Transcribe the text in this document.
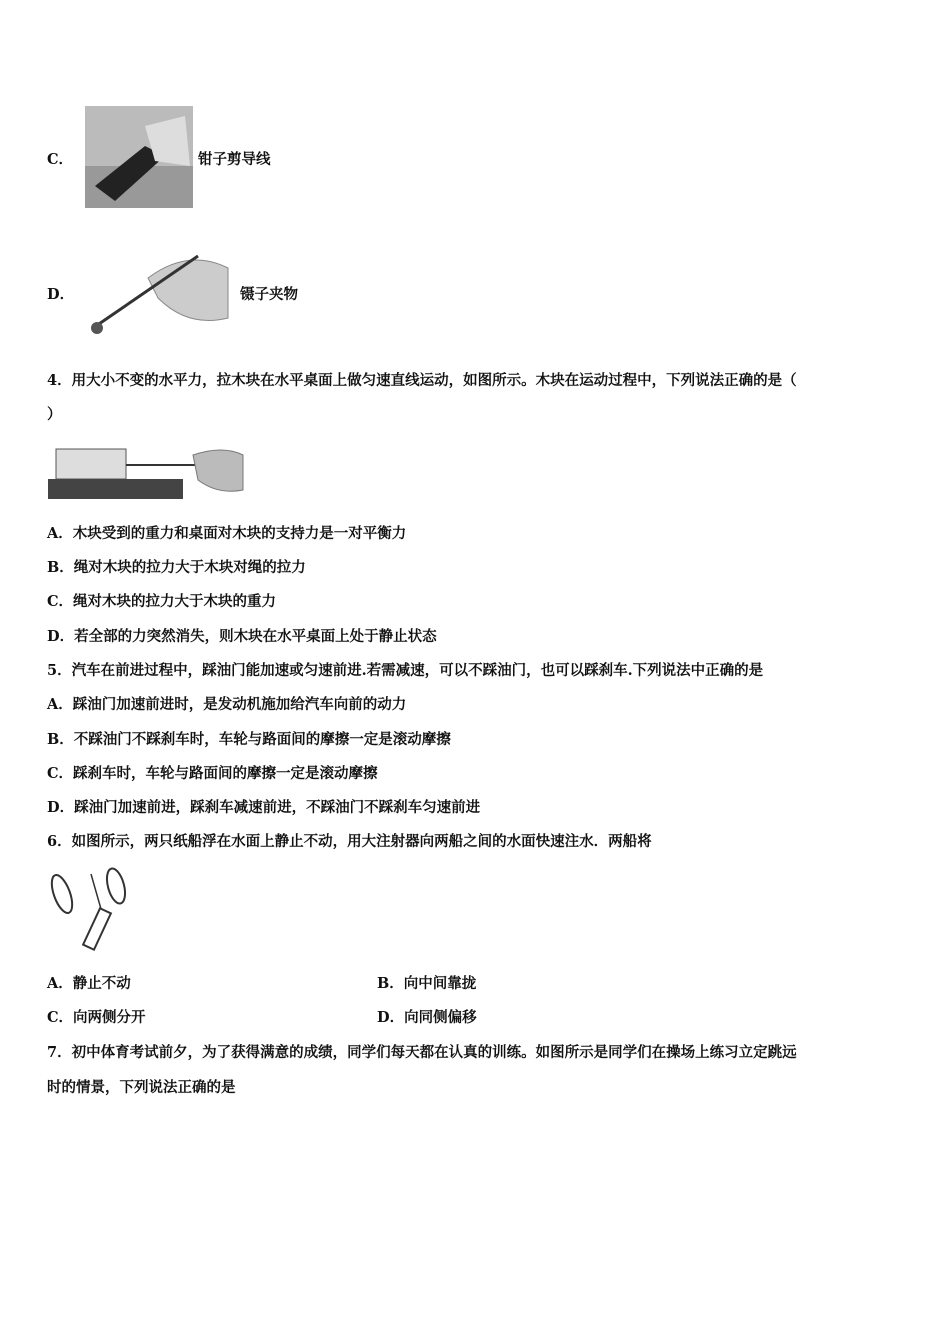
C．	钳子剪导线
D．	镊子夹物
4．用大小不变的水平力，拉木块在水平桌面上做匀速直线运动，如图所示。木块在运动过程中，下列说法正确的是（
）
A．木块受到的重力和桌面对木块的支持力是一对平衡力
B．绳对木块的拉力大于木块对绳的拉力
C．绳对木块的拉力大于木块的重力
D．若全部的力突然消失，则木块在水平桌面上处于静止状态
5．汽车在前进过程中，踩油门能加速或匀速前进.若需减速，可以不踩油门，也可以踩刹车.下列说法中正确的是
A．踩油门加速前进时，是发动机施加给汽车向前的动力
B．不踩油门不踩刹车时，车轮与路面间的摩擦一定是滚动摩擦
C．踩刹车时，车轮与路面间的摩擦一定是滚动摩擦
D．踩油门加速前进，踩刹车减速前进，不踩油门不踩刹车匀速前进
6．如图所示，两只纸船浮在水面上静止不动，用大注射器向两船之间的水面快速注水．两船将
A．静止不动	B．向中间靠拢
C．向两侧分开	D．向同侧偏移
7．初中体育考试前夕，为了获得满意的成绩，同学们每天都在认真的训练。如图所示是同学们在操场上练习立定跳远
时的情景，下列说法正确的是
